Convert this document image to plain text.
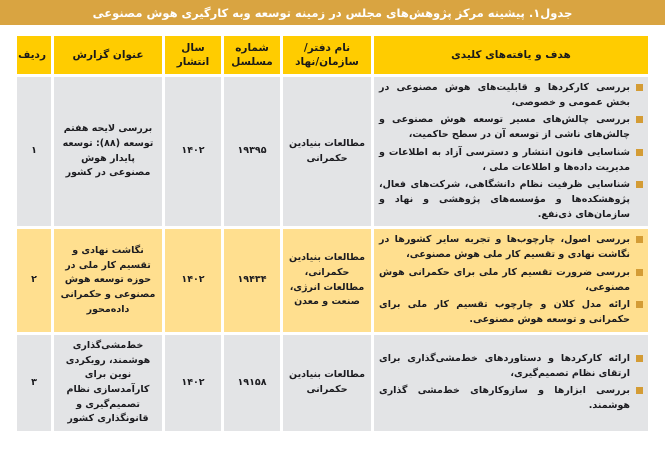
جدول۱. پیشینه مرکز پژوهش‌های مجلس در زمینه توسعه وبه کارگیری هوش مصنوعی
هدف و یافته‌های کلیدی	نام دفتر/ سازمان/نهاد	شماره مسلسل	سال انتشار	عنوان گزارش	ردیف

بررسی کارکردها و قابلیت‌های هوش مصنوعی در بخش عمومی و خصوصی،
بررسی چالش‌های مسیر توسعه هوش مصنوعی و چالش‌های ناشی از توسعه آن در سطح حاکمیت،
شناسایی قانون انتشار و دسترسی آزاد به اطلاعات و مدیریت داده‌ها و اطلاعات ملی ،
شناسایی ظرفیت نظام دانشگاهی، شرکت‌های فعال، پژوهشکده‌ها و مؤسسه‌های پژوهشی و نهاد و سازمان‌های ذی‌نفع.
	مطالعات بنیادین حکمرانی	۱۹۳۹۵	۱۴۰۲	بررسی لایحه هفتم توسعه (۸۸): توسعه پایدار هوش مصنوعی در کشور	۱

بررسی اصول، چارچوب‌ها و تجربه سایر کشورها در نگاشت نهادی و تقسیم کار ملی هوش مصنوعی،
بررسی ضرورت تقسیم کار ملی برای حکمرانی هوش مصنوعی،
ارائه مدل کلان و چارچوب تقسیم کار ملی برای حکمرانی و توسعه هوش مصنوعی.
	مطالعات بنیادین حکمرانی، مطالعات انرژی، صنعت و معدن	۱۹۴۳۴	۱۴۰۲	نگاشت نهادی و تقسیم کار ملی در حوزه توسعه هوش مصنوعی و حکمرانی داده‌محور	۲

ارائه کارکردها و دستاوردهای خط‌مشی‌گذاری برای ارتقای نظام تصمیم‌گیری،
بررسی ابزارها و سازوکارهای خط‌مشی گذاری هوشمند.
	مطالعات بنیادین حکمرانی	۱۹۱۵۸	۱۴۰۲	خط‌مشی‌گذاری هوشمند، رویکردی نوین برای کارآمدسازی نظام تصمیم‌گیری و قانونگذاری کشور	۳
